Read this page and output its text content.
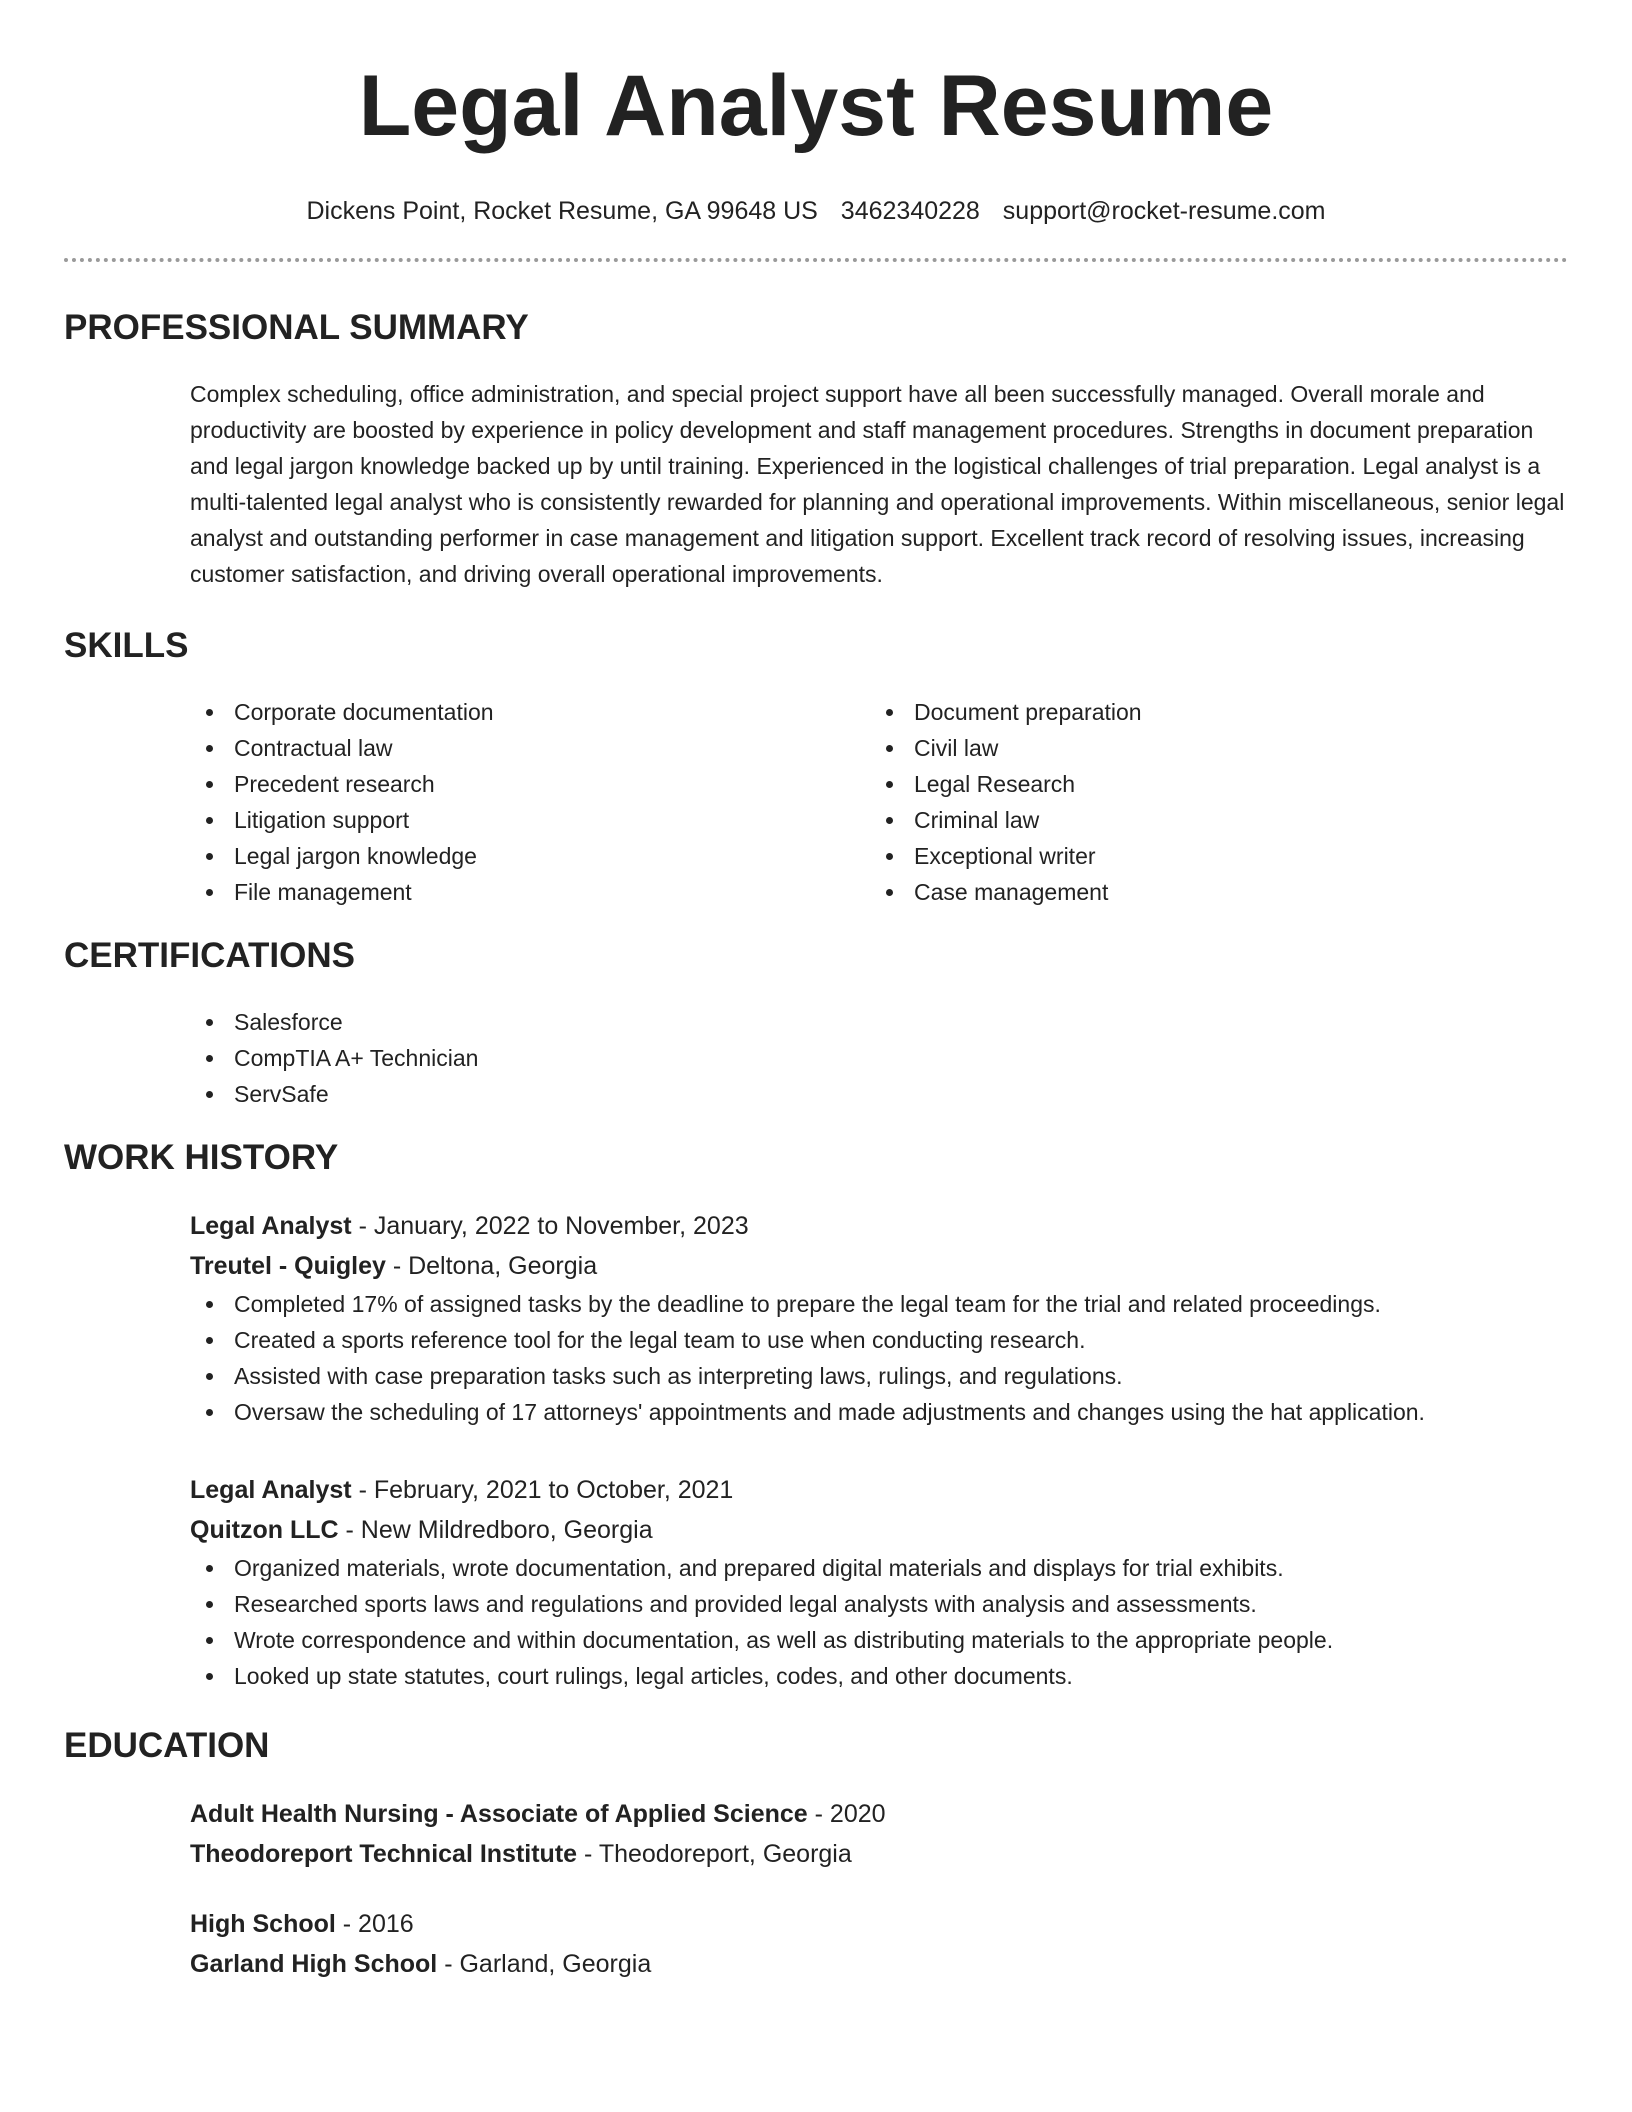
Legal Analyst Resume
Dickens Point, Rocket Resume, GA 99648 US 3462340228 support@rocket-resume.com
PROFESSIONAL SUMMARY
Complex scheduling, office administration, and special project support have all been successfully managed. Overall morale and productivity are boosted by experience in policy development and staff management procedures. Strengths in document preparation and legal jargon knowledge backed up by until training. Experienced in the logistical challenges of trial preparation. Legal analyst is a multi-talented legal analyst who is consistently rewarded for planning and operational improvements. Within miscellaneous, senior legal analyst and outstanding performer in case management and litigation support. Excellent track record of resolving issues, increasing customer satisfaction, and driving overall operational improvements.
SKILLS
Corporate documentation
Contractual law
Precedent research
Litigation support
Legal jargon knowledge
File management
Document preparation
Civil law
Legal Research
Criminal law
Exceptional writer
Case management
CERTIFICATIONS
Salesforce
CompTIA A+ Technician
ServSafe
WORK HISTORY
Legal Analyst - January, 2022 to November, 2023
Treutel - Quigley - Deltona, Georgia
Completed 17% of assigned tasks by the deadline to prepare the legal team for the trial and related proceedings.
Created a sports reference tool for the legal team to use when conducting research.
Assisted with case preparation tasks such as interpreting laws, rulings, and regulations.
Oversaw the scheduling of 17 attorneys' appointments and made adjustments and changes using the hat application.
Legal Analyst - February, 2021 to October, 2021
Quitzon LLC - New Mildredboro, Georgia
Organized materials, wrote documentation, and prepared digital materials and displays for trial exhibits.
Researched sports laws and regulations and provided legal analysts with analysis and assessments.
Wrote correspondence and within documentation, as well as distributing materials to the appropriate people.
Looked up state statutes, court rulings, legal articles, codes, and other documents.
EDUCATION
Adult Health Nursing - Associate of Applied Science - 2020
Theodoreport Technical Institute - Theodoreport, Georgia
High School - 2016
Garland High School - Garland, Georgia
